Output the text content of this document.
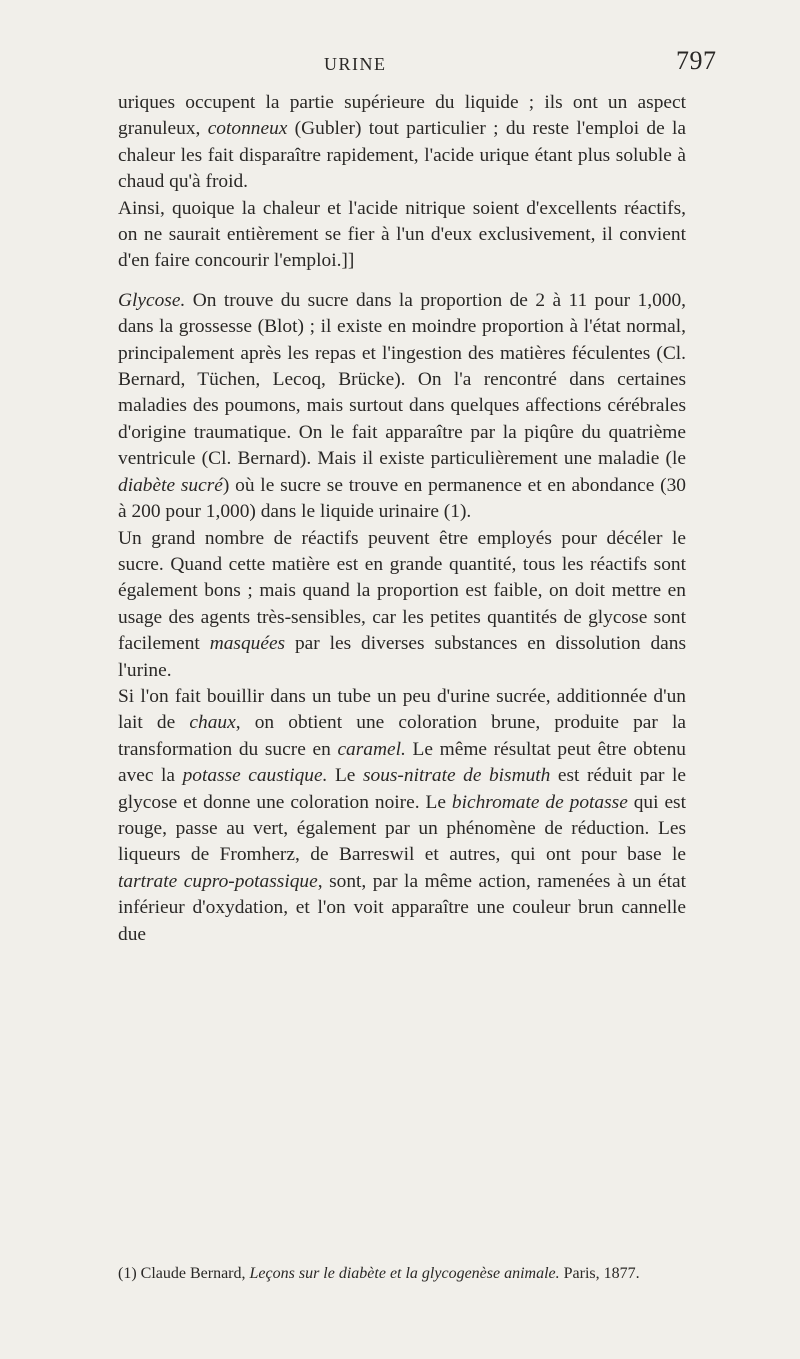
URINE	797

uriques occupent la partie supérieure du liquide ; ils ont un aspect granuleux, cotonneux (Gubler) tout particulier ; du reste l'emploi de la chaleur les fait disparaître rapidement, l'acide urique étant plus soluble à chaud qu'à froid.

Ainsi, quoique la chaleur et l'acide nitrique soient d'excellents réactifs, on ne saurait entièrement se fier à l'un d'eux exclusivement, il convient d'en faire concourir l'emploi.]]

Glycose. On trouve du sucre dans la proportion de 2 à 11 pour 1,000, dans la grossesse (Blot) ; il existe en moindre proportion à l'état normal, principalement après les repas et l'ingestion des matières féculentes (Cl. Bernard, Tüchen, Lecoq, Brücke). On l'a rencontré dans certaines maladies des poumons, mais surtout dans quelques affections cérébrales d'origine traumatique. On le fait apparaître par la piqûre du quatrième ventricule (Cl. Bernard). Mais il existe particulièrement une maladie (le diabète sucré) où le sucre se trouve en permanence et en abondance (30 à 200 pour 1,000) dans le liquide urinaire (1).

Un grand nombre de réactifs peuvent être employés pour décéler le sucre. Quand cette matière est en grande quantité, tous les réactifs sont également bons ; mais quand la proportion est faible, on doit mettre en usage des agents très-sensibles, car les petites quantités de glycose sont facilement masquées par les diverses substances en dissolution dans l'urine.

Si l'on fait bouillir dans un tube un peu d'urine sucrée, additionnée d'un lait de chaux, on obtient une coloration brune, produite par la transformation du sucre en caramel. Le même résultat peut être obtenu avec la potasse caustique. Le sous-nitrate de bismuth est réduit par le glycose et donne une coloration noire. Le bichromate de potasse qui est rouge, passe au vert, également par un phénomène de réduction. Les liqueurs de Fromherz, de Barreswil et autres, qui ont pour base le tartrate cupro-potassique, sont, par la même action, ramenées à un état inférieur d'oxydation, et l'on voit apparaître une couleur brun cannelle due

(1) Claude Bernard, Leçons sur le diabète et la glycogenèse animale. Paris, 1877.
